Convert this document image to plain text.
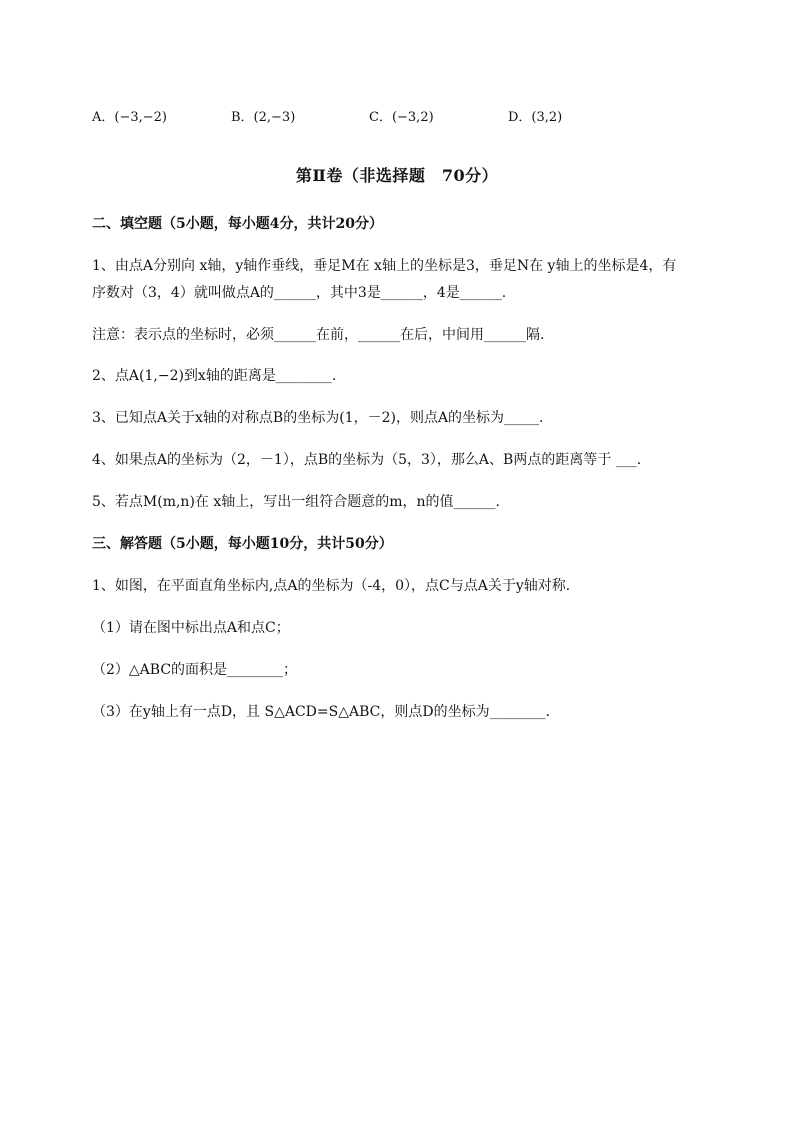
A．(−3,−2)	B．(2,−3)	C．(−3,2)	D．(3,2)
第Ⅱ卷（非选择题　70分）
二、填空题（5小题，每小题4分，共计20分）
1、由点A分别向 x轴，y轴作垂线，垂足M在 x轴上的坐标是3，垂足N在 y轴上的坐标是4，有
序数对（3，4）就叫做点A的______，其中3是______，4是______.
注意：表示点的坐标时，必须______在前，______在后，中间用______隔.
2、点A(1,−2)到x轴的距离是________.
3、已知点A关于x轴的对称点B的坐标为(1，－2)，则点A的坐标为_____.
4、如果点A的坐标为（2，－1），点B的坐标为（5，3），那么A、B两点的距离等于 ___.
5、若点M(m,n)在 x轴上，写出一组符合题意的m，n的值______.
三、解答题（5小题，每小题10分，共计50分）
1、如图，在平面直角坐标内,点A的坐标为（-4，0），点C与点A关于y轴对称．
（1）请在图中标出点A和点C；
（2）△ABC的面积是________；
（3）在y轴上有一点D，且 S△ACD=S△ABC，则点D的坐标为________．
